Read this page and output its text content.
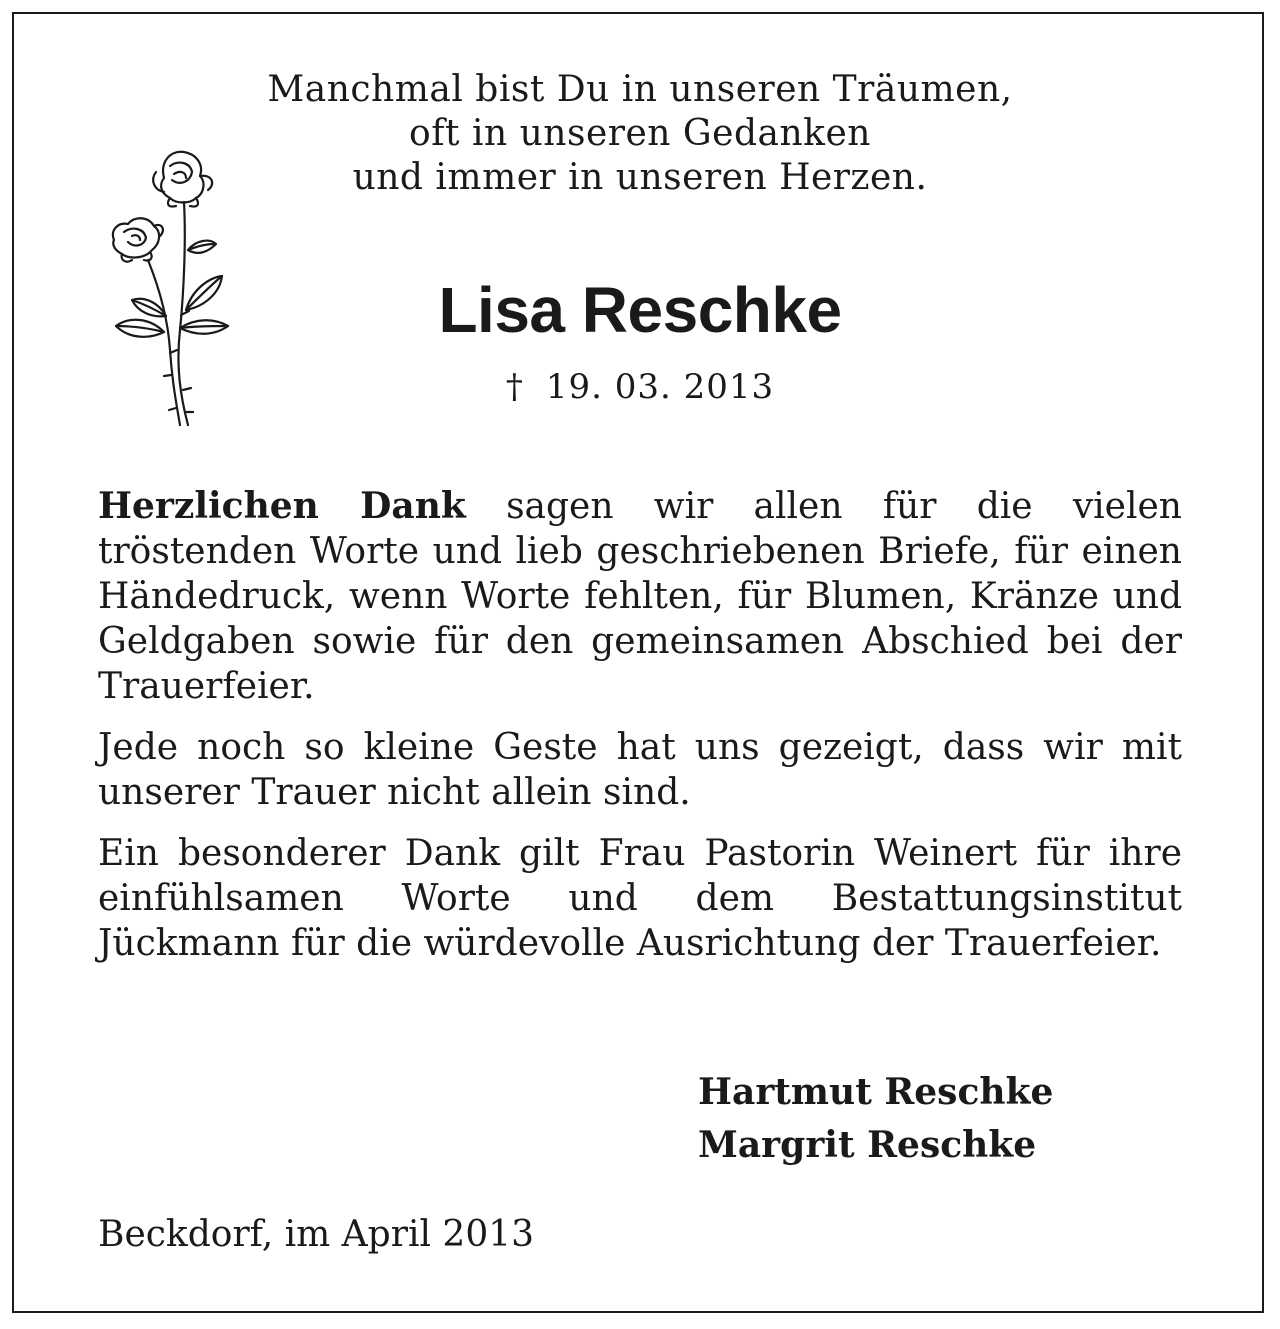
Manchmal bist Du in unseren Träumen,
oft in unseren Gedanken
und immer in unseren Herzen.
Lisa Reschke
† 19. 03. 2013

Herzlichen Dank sagen wir allen für die vielen tröstenden Worte und lieb geschriebenen Briefe, für einen Händedruck, wenn Worte fehlten, für Blumen, Kränze und Geldgaben sowie für den gemeinsamen Abschied bei der Trauerfeier.

Jede noch so kleine Geste hat uns gezeigt, dass wir mit unserer Trauer nicht allein sind.

Ein besonderer Dank gilt Frau Pastorin Weinert für ihre einfühlsamen Worte und dem Bestattungsinstitut Jückmann für die würdevolle Ausrichtung der Trauerfeier.

Hartmut Reschke
Margrit Reschke
Beckdorf, im April 2013
